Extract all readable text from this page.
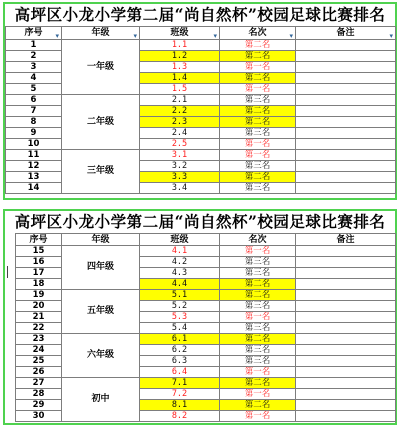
高坪区小龙小学第二届“尚自然杯”校园足球比赛排名
序号 ▾	年级 ▾	班级 ▾	名次 ▾	备注 ▾

1	一年级	1.1	第二名	
2		1.2	第二名	
3		1.3	第一名	
4		1.4	第二名	
5		1.5	第一名	
6	二年级	2.1	第三名	
7		2.2	第二名	
8		2.3	第二名	
9		2.4	第三名	
10		2.5	第一名	
11	三年级	3.1	第一名	
12		3.2	第三名	
13		3.3	第二名	
14		3.4	第三名	
高坪区小龙小学第二届“尚自然杯”校园足球比赛排名
序号	年级	班级	名次	备注
15	四年级	4.1	第一名	
16		4.2	第三名	
17		4.3	第三名	
18		4.4	第二名	
19	五年级	5.1	第二名	
20		5.2	第三名	
21		5.3	第一名	
22		5.4	第三名	
23	六年级	6.1	第二名	
24		6.2	第三名	
25		6.3	第三名	
26		6.4	第一名	
27	初中	7.1	第二名	
28		7.2	第一名	
29		8.1	第二名	
30		8.2	第一名	
